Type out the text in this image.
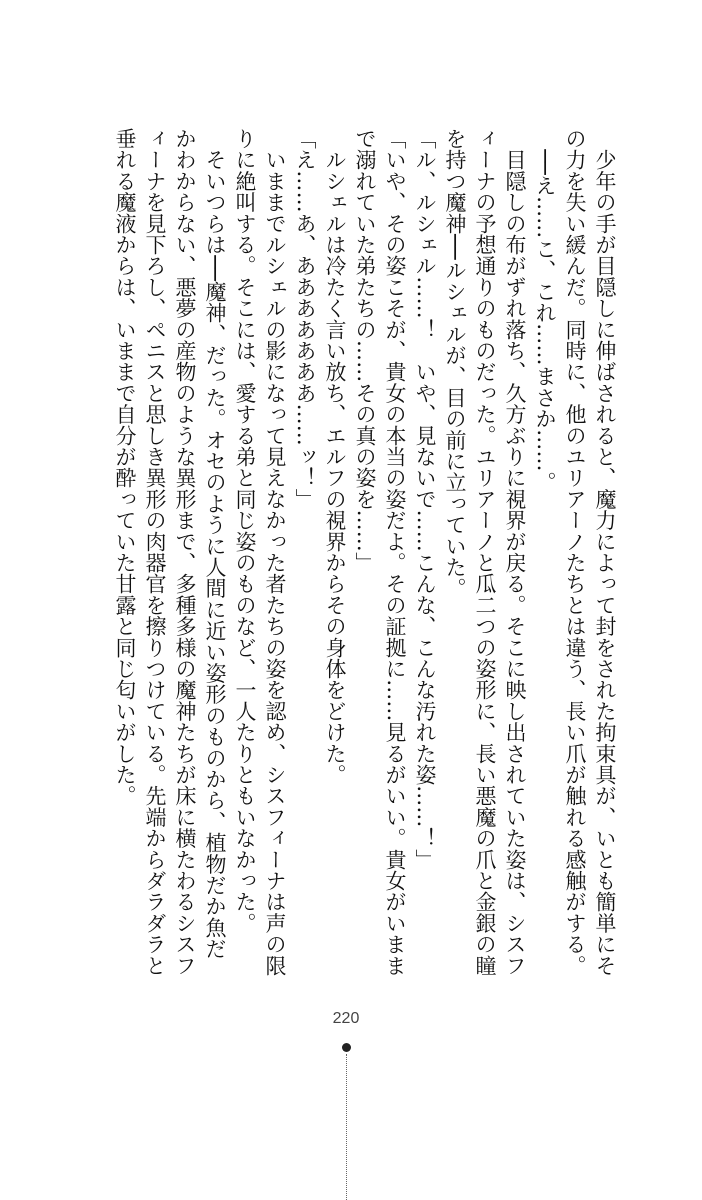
　少年の手が目隠しに伸ばされると、魔力によって封をされた拘束具が、いとも簡単にそ
の力を失い緩んだ。同時に、他のユリアーノたちとは違う、長い爪が触れる感触がする。
　──え……こ、これ……まさか……。
　目隠しの布がずれ落ち、久方ぶりに視界が戻る。そこに映し出されていた姿は、シスフ
ィーナの予想通りのものだった。ユリアーノと瓜二つの姿形に、長い悪魔の爪と金銀の瞳
を持つ魔神──ルシェルが、目の前に立っていた。
「ル、ルシェル……！　いや、見ないで……こんな、こんな汚れた姿……！」
「いや、その姿こそが、貴女の本当の姿だよ。その証拠に……見るがいい。貴女がいまま
で溺れていた弟たちの……その真の姿を……」
　ルシェルは冷たく言い放ち、エルフの視界からその身体をどけた。
「え……あ、あああああああ……ッ！」
　いままでルシェルの影になって見えなかった者たちの姿を認め、シスフィーナは声の限
りに絶叫する。そこには、愛する弟と同じ姿のものなど、一人たりともいなかった。
　そいつらは──魔神、だった。オセのように人間に近い姿形のものから、植物だか魚だ
かわからない、悪夢の産物のような異形まで、多種多様の魔神たちが床に横たわるシスフ
ィーナを見下ろし、ペニスと思しき異形の肉器官を擦りつけている。先端からダラダラと
垂れる魔液からは、いままで自分が酔っていた甘露と同じ匂いがした。
220
